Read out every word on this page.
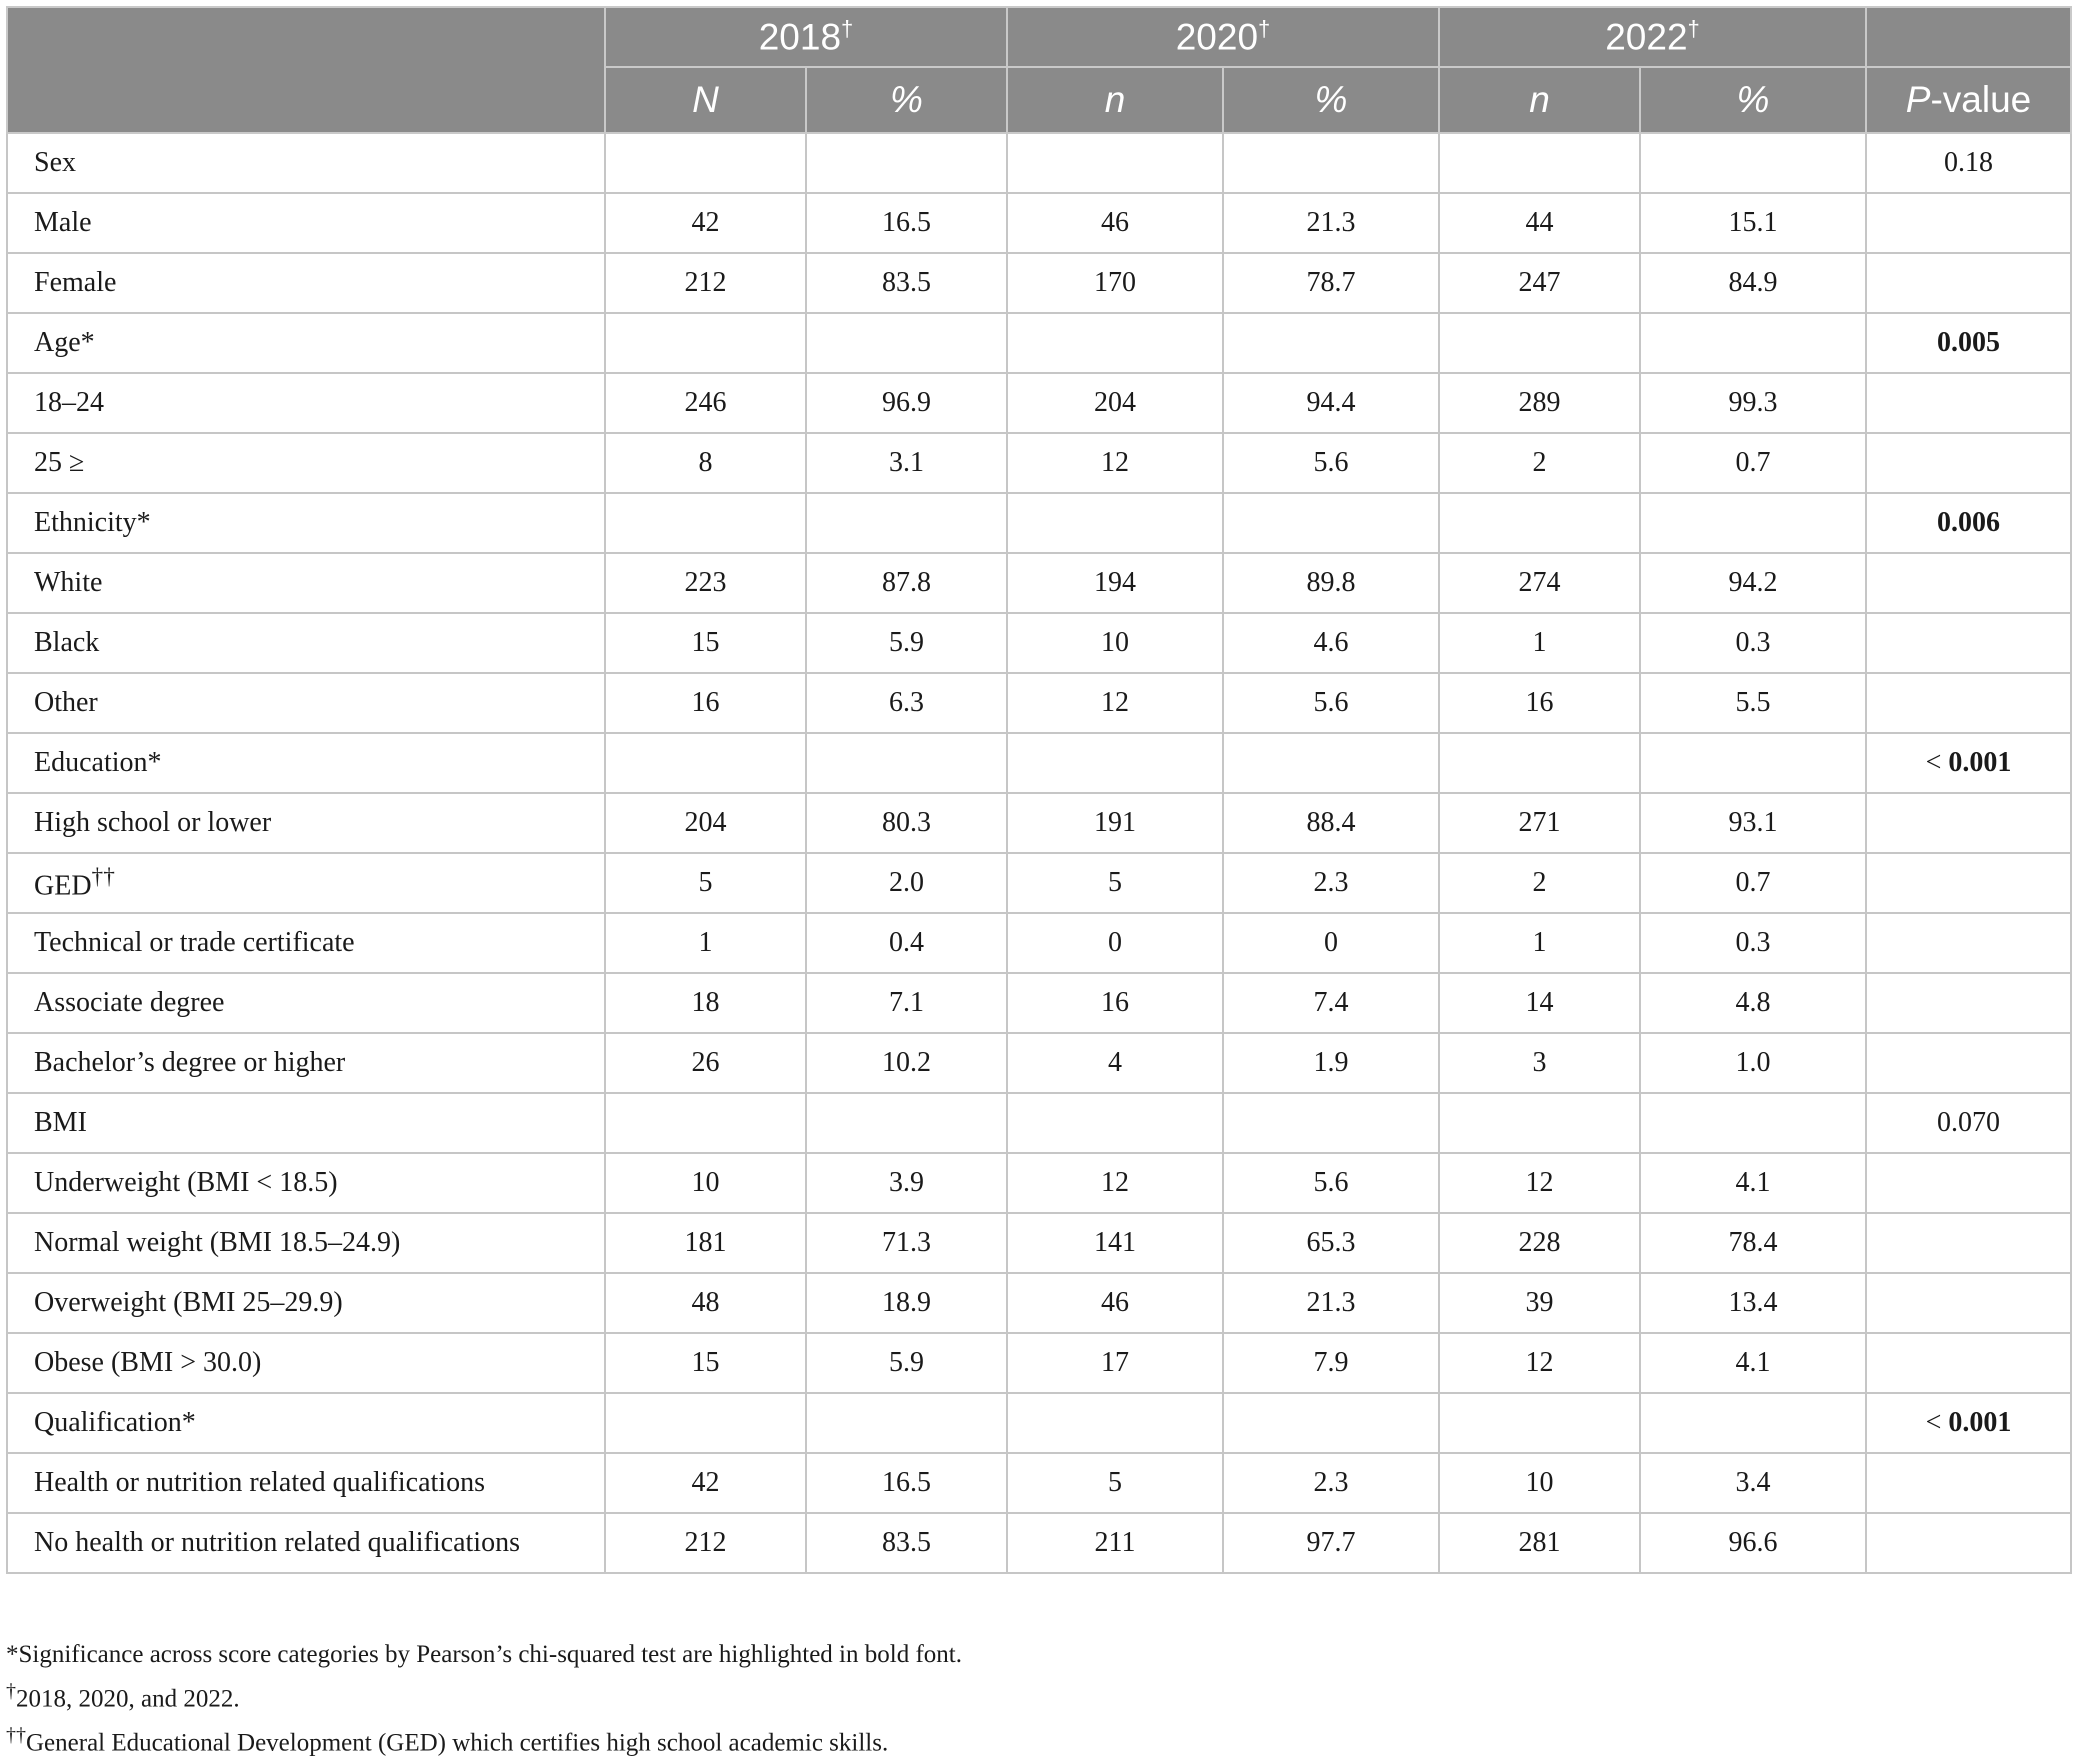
	2018†		2020†		2022†	
	N	%	n	%	n	%	P-value
Sex							0.18
Male	42	16.5	46	21.3	44	15.1	
Female	212	83.5	170	78.7	247	84.9	
Age*							0.005
18–24	246	96.9	204	94.4	289	99.3	
25 ≥	8	3.1	12	5.6	2	0.7	
Ethnicity*							0.006
White	223	87.8	194	89.8	274	94.2	
Black	15	5.9	10	4.6	1	0.3	
Other	16	6.3	12	5.6	16	5.5	
Education*							< 0.001
High school or lower	204	80.3	191	88.4	271	93.1	
GED††	5	2.0	5	2.3	2	0.7	
Technical or trade certificate	1	0.4	0	0	1	0.3	
Associate degree	18	7.1	16	7.4	14	4.8	
Bachelor’s degree or higher	26	10.2	4	1.9	3	1.0	
BMI							0.070
Underweight (BMI < 18.5)	10	3.9	12	5.6	12	4.1	
Normal weight (BMI 18.5–24.9)	181	71.3	141	65.3	228	78.4	
Overweight (BMI 25–29.9)	48	18.9	46	21.3	39	13.4	
Obese (BMI > 30.0)	15	5.9	17	7.9	12	4.1	
Qualification*							< 0.001
Health or nutrition related qualifications	42	16.5	5	2.3	10	3.4	
No health or nutrition related qualifications	212	83.5	211	97.7	281	96.6	
*Significance across score categories by Pearson’s chi-squared test are highlighted in bold font.
†2018, 2020, and 2022.
††General Educational Development (GED) which certifies high school academic skills.
